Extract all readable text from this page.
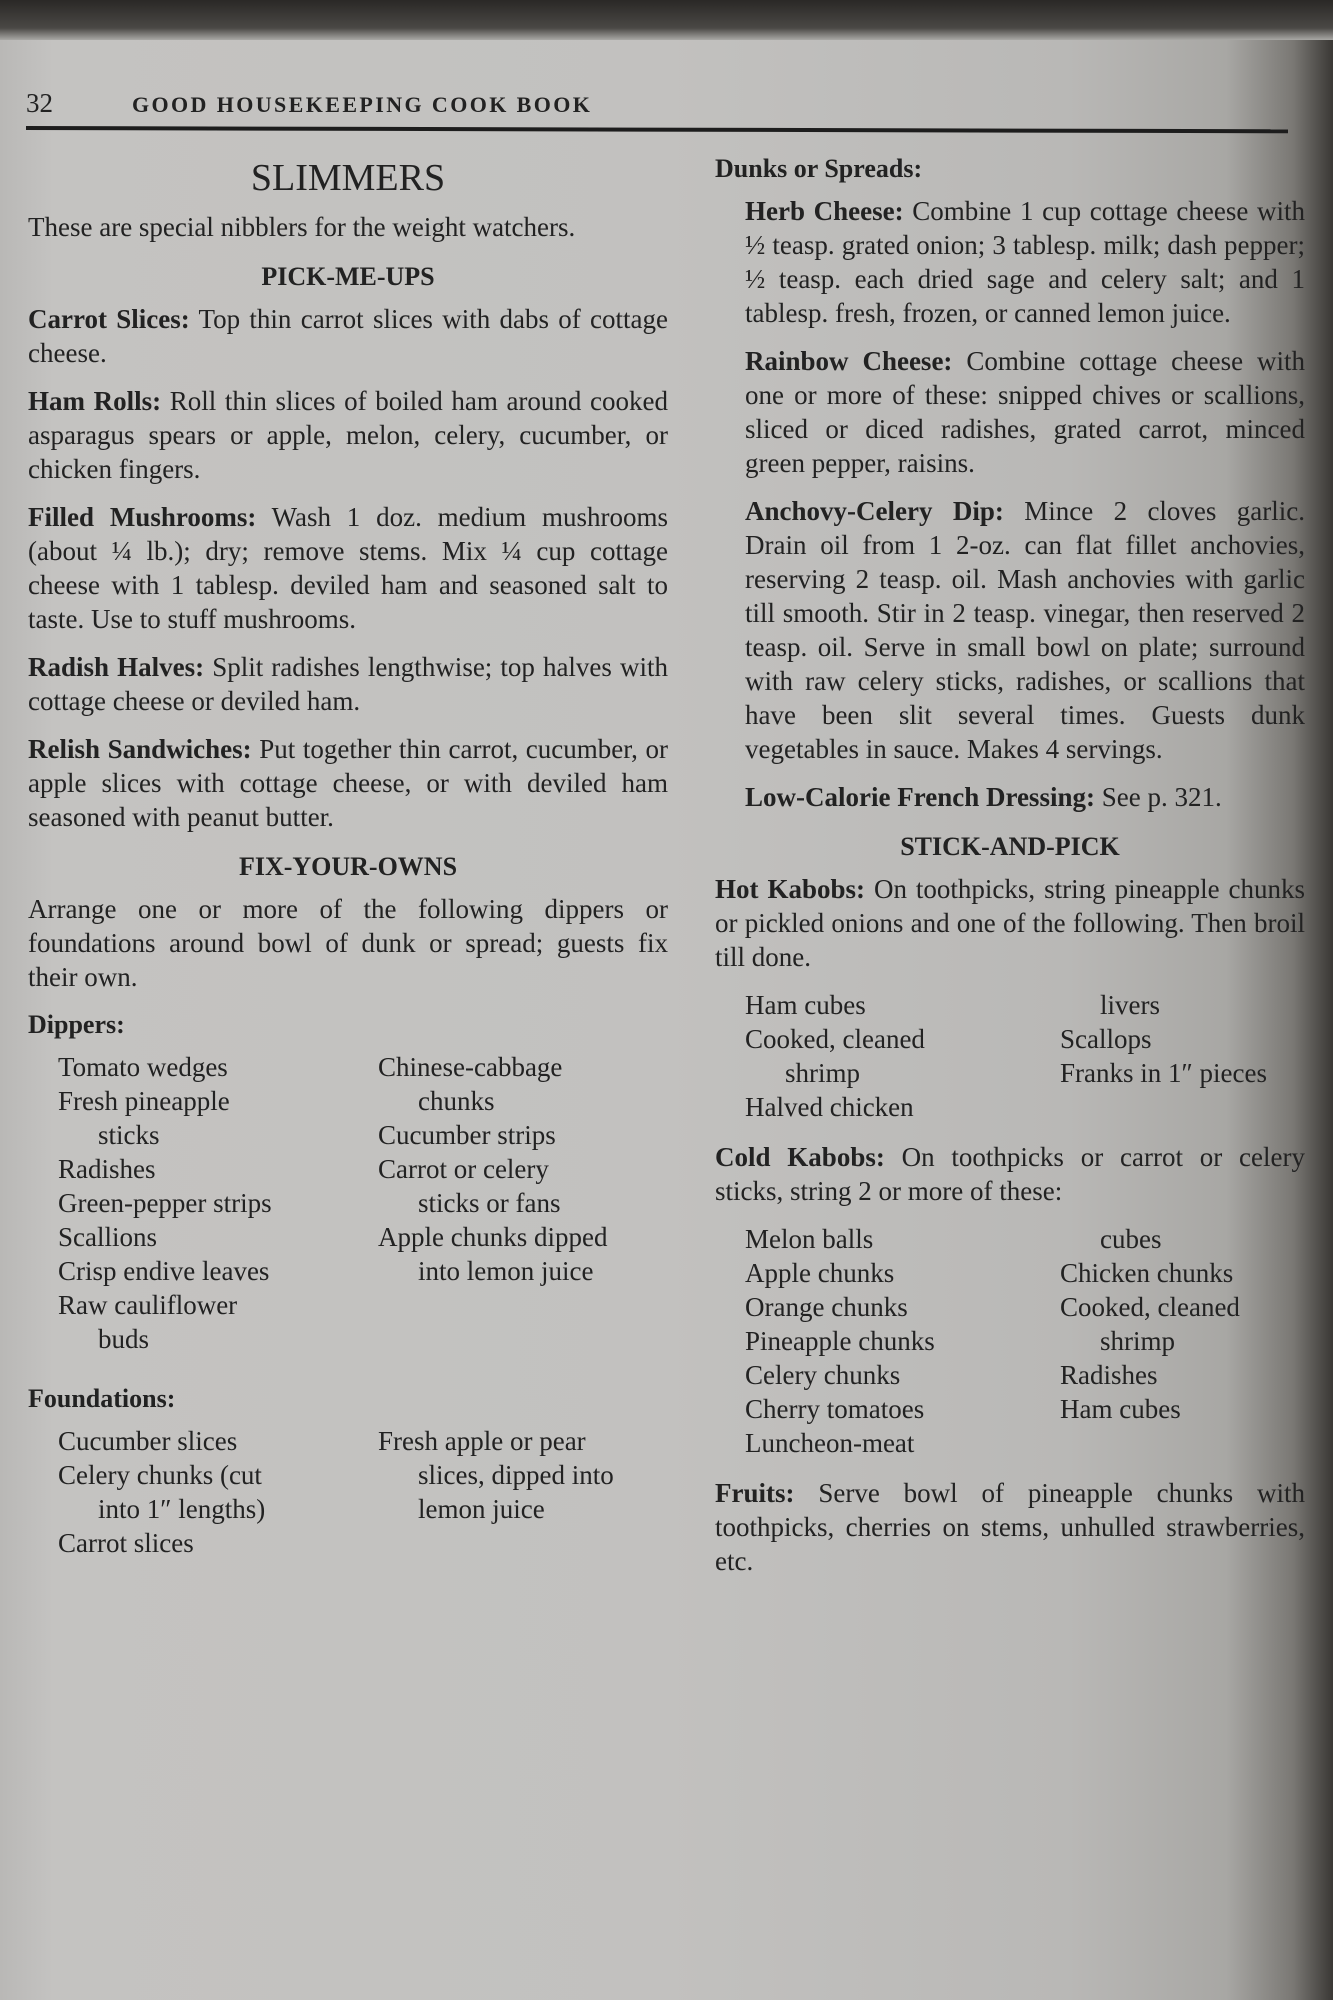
32	GOOD HOUSEKEEPING COOK BOOK
SLIMMERS

These are special nibblers for the weight watchers.

PICK-ME-UPS

Carrot Slices: Top thin carrot slices with dabs of cottage cheese.

Ham Rolls: Roll thin slices of boiled ham around cooked asparagus spears or apple, melon, celery, cucumber, or chicken fingers.

Filled Mushrooms: Wash 1 doz. medium mushrooms (about ¼ lb.); dry; remove stems. Mix ¼ cup cottage cheese with 1 tablesp. deviled ham and seasoned salt to taste. Use to stuff mushrooms.

Radish Halves: Split radishes lengthwise; top halves with cottage cheese or deviled ham.

Relish Sandwiches: Put together thin carrot, cucumber, or apple slices with cottage cheese, or with deviled ham seasoned with peanut butter.

FIX-YOUR-OWNS

Arrange one or more of the following dippers or foundations around bowl of dunk or spread; guests fix their own.

Dippers:
Tomato wedges
Fresh pineapple
sticks
Radishes
Green-pepper strips
Scallions
Crisp endive leaves
Raw cauliflower
buds
Chinese-cabbage
chunks
Cucumber strips
Carrot or celery
sticks or fans
Apple chunks dipped
into lemon juice
Foundations:
Cucumber slices
Celery chunks (cut
into 1″ lengths)
Carrot slices
Fresh apple or pear
slices, dipped into
lemon juice
Dunks or Spreads:

Herb Cheese: Combine 1 cup cottage cheese with ½ teasp. grated onion; 3 tablesp. milk; dash pepper; ½ teasp. each dried sage and celery salt; and 1 tablesp. fresh, frozen, or canned lemon juice.

Rainbow Cheese: Combine cottage cheese with one or more of these: snipped chives or scallions, sliced or diced radishes, grated carrot, minced green pepper, raisins.

Anchovy-Celery Dip: Mince 2 cloves garlic. Drain oil from 1 2-oz. can flat fillet anchovies, reserving 2 teasp. oil. Mash anchovies with garlic till smooth. Stir in 2 teasp. vinegar, then reserved 2 teasp. oil. Serve in small bowl on plate; surround with raw celery sticks, radishes, or scallions that have been slit several times. Guests dunk vegetables in sauce. Makes 4 servings.

Low-Calorie French Dressing: See p. 321.

STICK-AND-PICK

Hot Kabobs: On toothpicks, string pineapple chunks or pickled onions and one of the following. Then broil till done.

Ham cubes
Cooked, cleaned
shrimp
Halved chicken
livers
Scallops
Franks in 1″ pieces

Cold Kabobs: On toothpicks or carrot or celery sticks, string 2 or more of these:

Melon balls
Apple chunks
Orange chunks
Pineapple chunks
Celery chunks
Cherry tomatoes
Luncheon-meat
cubes
Chicken chunks
Cooked, cleaned
shrimp
Radishes
Ham cubes

Fruits: Serve bowl of pineapple chunks with toothpicks, cherries on stems, unhulled strawberries, etc.
